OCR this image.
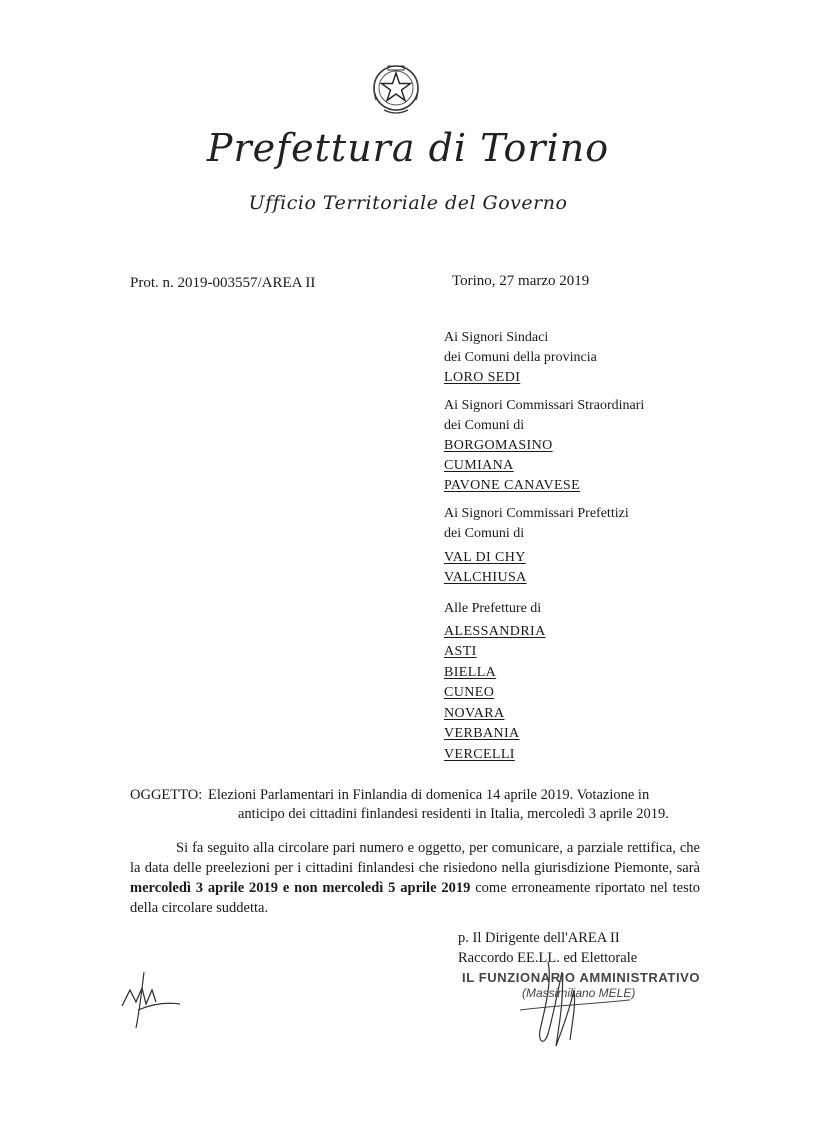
Prefettura di Torino
Ufficio Territoriale del Governo
Prot. n. 2019-003557/AREA II	Torino, 27 marzo 2019
Ai Signori Sindaci
dei Comuni della provincia
LORO SEDI
Ai Signori Commissari Straordinari
dei Comuni di
BORGOMASINO
CUMIANA
PAVONE CANAVESE
Ai Signori Commissari Prefettizi
dei Comuni di
VAL DI CHY
VALCHIUSA
Alle Prefetture di
ALESSANDRIA
ASTI
BIELLA
CUNEO
NOVARA
VERBANIA
VERCELLI
OGGETTO: Elezioni Parlamentari in Finlandia di domenica 14 aprile 2019. Votazione in
anticipo dei cittadini finlandesi residenti in Italia, mercoledì 3 aprile 2019.

Si fa seguito alla circolare pari numero e oggetto, per comunicare, a parziale rettifica, che la data delle preelezioni per i cittadini finlandesi che risiedono nella giurisdizione Piemonte, sarà mercoledì 3 aprile 2019 e non mercoledì 5 aprile 2019 come erroneamente riportato nel testo della circolare suddetta.

p. Il Dirigente dell'AREA II
Raccordo EE.LL. ed Elettorale
IL FUNZIONARIO AMMINISTRATIVO
(Massimiliano MELE)
